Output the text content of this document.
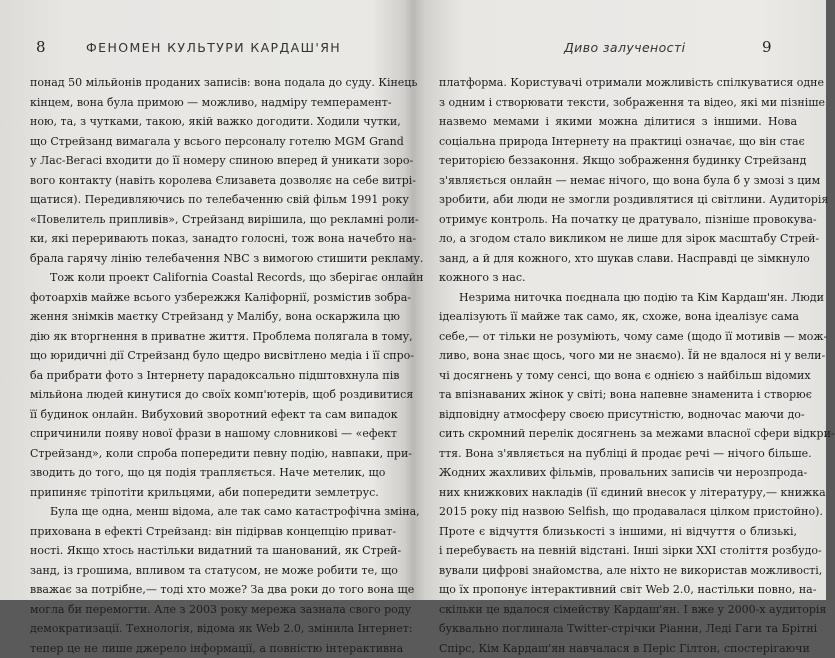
8	ФЕНОМЕН КУЛЬТУРИ КАРДАШ'ЯН
понад 50 мільйонів проданих записів: вона подала до суду. Кінець
кінцем, вона була примою — можливо, надміру темперамент-
ною, та, з чутками, такою, якій важко догодити. Ходили чутки,
що Стрейзанд вимагала у всього персоналу готелю MGM Grand
у Лас-Вегасі входити до її номеру спиною вперед й уникати зоро-
вого контакту (навіть королева Єлизавета дозволяє на себе витрі-
щатися). Передивляючись по телебаченню свій фільм 1991 року
«Повелитель припливів», Стрейзанд вирішила, що рекламні роли-
ки, які переривають показ, занадто голосні, тож вона начебто на-
брала гарячу лінію телебачення NBC з вимогою стишити рекламу.
Тож коли проект California Coastal Records, що зберігає онлайн
фотоархів майже всього узбережжя Каліфорнії, розмістив зобра-
ження знімків маєтку Стрейзанд у Малібу, вона оскаржила цю
дію як вторгнення в приватне життя. Проблема полягала в тому,
що юридичні дії Стрейзанд було щедро висвітлено медіа і її спро-
ба прибрати фото з Інтернету парадоксально підштовхнула пів
мільйона людей кинутися до своїх комп'ютерів, щоб роздивитися
її будинок онлайн. Вибуховий зворотний ефект та сам випадок
спричинили появу нової фрази в нашому словникові — «ефект
Стрейзанд», коли спроба попередити певну подію, навпаки, при-
зводить до того, що ця подія трапляється. Наче метелик, що
припиняє тріпотіти крильцями, аби попередити землетрус.
Була ще одна, менш відома, але так само катастрофічна зміна,
прихована в ефекті Стрейзанд: він підірвав концепцію приват-
ності. Якщо хтось настільки видатний та шанований, як Стрей-
занд, із грошима, впливом та статусом, не може робити те, що
вважає за потрібне,— тоді хто може? За два роки до того вона ще
могла би перемогти. Але з 2003 року мережа зазнала свого роду
демократизації. Технологія, відома як Web 2.0, змінила Інтернет:
тепер це не лише джерело інформації, а повністю інтерактивна
Диво залученості	9
платформа. Користувачі отримали можливість спілкуватися одне
з одним і створювати тексти, зображення та відео, які ми пізніше
назвемо мемами і якими можна ділитися з іншими. Нова
соціальна природа Інтернету на практиці означає, що він стає
територією беззаконня. Якщо зображення будинку Стрейзанд
з'являється онлайн — немає нічого, що вона була б у змозі з цим
зробити, аби люди не змогли роздивлятися ці світлини. Аудиторія
отримує контроль. На початку це дратувало, пізніше провокува-
ло, а згодом стало викликом не лише для зірок масштабу Стрей-
занд, а й для кожного, хто шукав слави. Насправді це зімкнуло
кожного з нас.
Незрима ниточка поєднала цю подію та Кім Кардаш'ян. Люди
ідеалізують її майже так само, як, схоже, вона ідеалізує сама
себе,— от тільки не розуміють, чому саме (щодо її мотивів — мож-
ливо, вона знає щось, чого ми не знаємо). Їй не вдалося ні у вели-
чі досягнень у тому сенсі, що вона є однією з найбільш відомих
та впізнаваних жінок у світі; вона напевне знаменита і створює
відповідну атмосферу своєю присутністю, водночас маючи до-
сить скромний перелік досягнень за межами власної сфери відкри-
ття. Вона з'являється на публіці й продає речі — нічого більше.
Жодних жахливих фільмів, провальних записів чи нерозпрода-
них книжкових накладів (її єдиний внесок у літературу,— книжка
2015 року під назвою Selfish, що продавалася цілком пристойно).
Проте є відчуття близькості з іншими, ні відчуття о близькі,
і перебуваєть на певній відстані. Інші зірки XXI століття розбудо-
вували цифрові знайомства, але ніхто не використав можливості,
що їх пропонує інтерактивний світ Web 2.0, настільки повно, на-
скільки це вдалося сімейству Кардаш'ян. І вже у 2000-х аудиторія
буквально поглинала Twitter-стрічки Ріанни, Леді Гаги та Брітні
Спірс, Кім Кардаш'ян навчалася в Періс Гілтон, спостерігаючи
